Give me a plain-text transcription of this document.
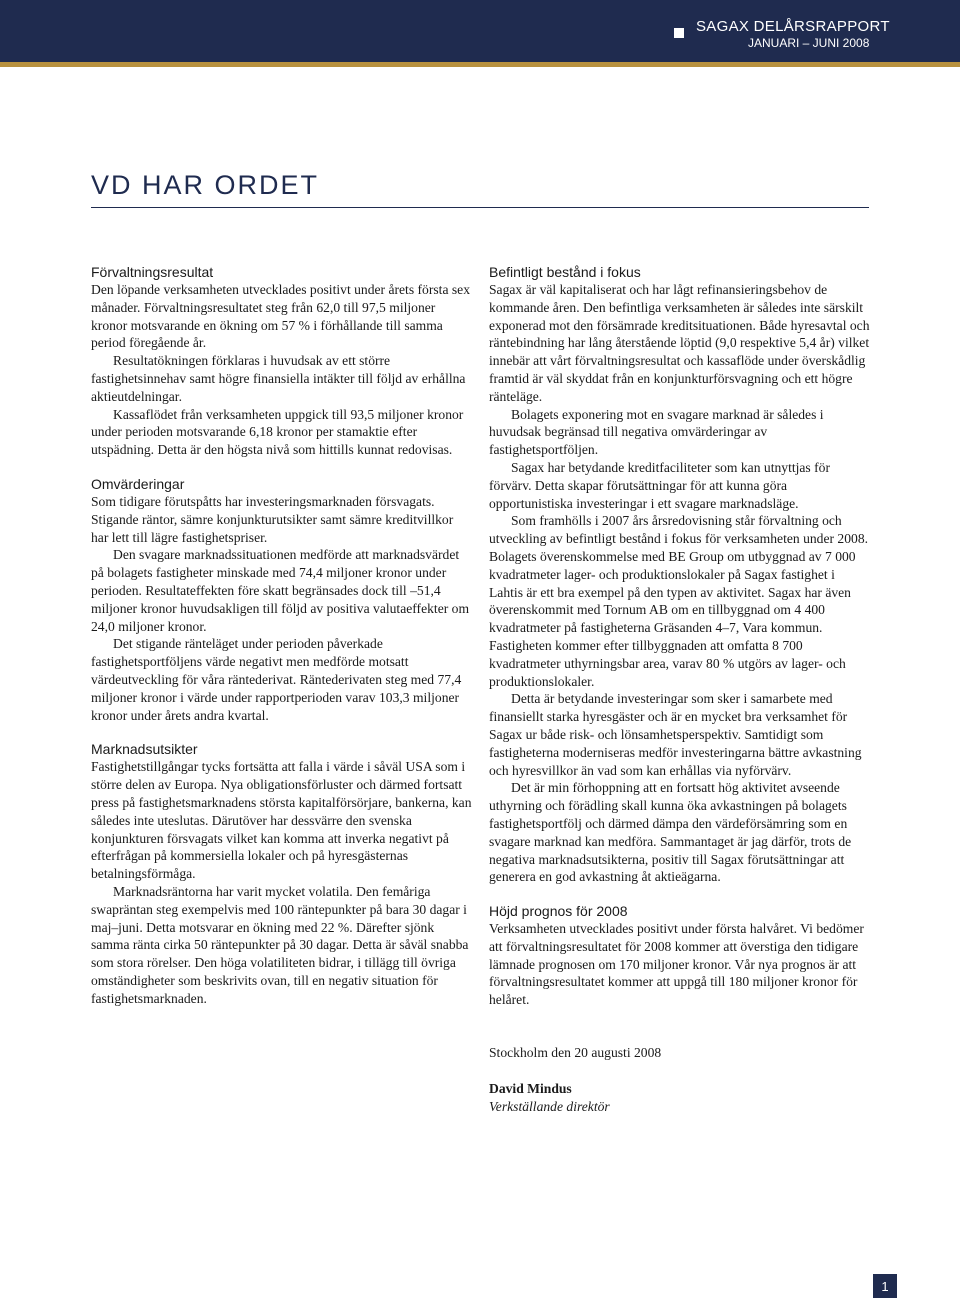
SAGAX DELÅRSRAPPORT
JANUARI – JUNI 2008
VD HAR ORDET
Förvaltningsresultat

Den löpande verksamheten utvecklades positivt under årets första sex månader. Förvaltningsresultatet steg från 62,0 till 97,5 miljoner kronor motsvarande en ökning om 57 % i förhållande till samma period föregående år.

Resultatökningen förklaras i huvudsak av ett större fastighetsinnehav samt högre finansiella intäkter till följd av erhållna aktieutdelningar.

Kassaflödet från verksamheten uppgick till 93,5 miljoner kronor under perioden motsvarande 6,18 kronor per stamaktie efter utspädning. Detta är den högsta nivå som hittills kunnat redovisas.

Omvärderingar

Som tidigare förutspåtts har investeringsmarknaden försvagats. Stigande räntor, sämre konjunkturutsikter samt sämre kreditvillkor har lett till lägre fastighetspriser.

Den svagare marknadssituationen medförde att marknadsvärdet på bolagets fastigheter minskade med 74,4 miljoner kronor under perioden. Resultateffekten före skatt begränsades dock till –51,4 miljoner kronor huvudsakligen till följd av positiva valutaeffekter om 24,0 miljoner kronor.

Det stigande ränteläget under perioden påverkade fastighetsportföljens värde negativt men medförde motsatt värdeutveckling för våra räntederivat. Räntederivaten steg med 77,4 miljoner kronor i värde under rapportperioden varav 103,3 miljoner kronor under årets andra kvartal.

Marknadsutsikter

Fastighetstillgångar tycks fortsätta att falla i värde i såväl USA som i större delen av Europa. Nya obligationsförluster och därmed fortsatt press på fastighetsmarknadens största kapitalförsörjare, bankerna, kan således inte uteslutas. Därutöver har dessvärre den svenska konjunkturen försvagats vilket kan komma att inverka negativt på efterfrågan på kommersiella lokaler och på hyresgästernas betalningsförmåga.

Marknadsräntorna har varit mycket volatila. Den femåriga swapräntan steg exempelvis med 100 räntepunkter på bara 30 dagar i maj–juni. Detta motsvarar en ökning med 22 %. Därefter sjönk samma ränta cirka 50 räntepunkter på 30 dagar. Detta är såväl snabba som stora rörelser. Den höga volatiliteten bidrar, i tillägg till övriga omständigheter som beskrivits ovan, till en negativ situation för fastighetsmarknaden.

Befintligt bestånd i fokus

Sagax är väl kapitaliserat och har lågt refinansieringsbehov de kommande åren. Den befintliga verksamheten är således inte särskilt exponerad mot den försämrade kreditsituationen. Både hyresavtal och räntebindning har lång återstående löptid (9,0 respektive 5,4 år) vilket innebär att vårt förvaltningsresultat och kassaflöde under överskådlig framtid är väl skyddat från en konjunkturförsvagning och ett högre ränteläge.

Bolagets exponering mot en svagare marknad är således i huvudsak begränsad till negativa omvärderingar av fastighetsportföljen.

Sagax har betydande kreditfaciliteter som kan utnyttjas för förvärv. Detta skapar förutsättningar för att kunna göra opportunistiska investeringar i ett svagare marknadsläge.

Som framhölls i 2007 års årsredovisning står förvaltning och utveckling av befintligt bestånd i fokus för verksamheten under 2008. Bolagets överenskommelse med BE Group om utbyggnad av 7 000 kvadratmeter lager- och produktionslokaler på Sagax fastighet i Lahtis är ett bra exempel på den typen av aktivitet. Sagax har även överenskommit med Tornum AB om en tillbyggnad om 4 400 kvadratmeter på fastigheterna Gräsanden 4–7, Vara kommun. Fastigheten kommer efter tillbyggnaden att omfatta 8 700 kvadratmeter uthyrningsbar area, varav 80 % utgörs av lager- och produktionslokaler.

Detta är betydande investeringar som sker i samarbete med finansiellt starka hyresgäster och är en mycket bra verksamhet för Sagax ur både risk- och lönsamhetsperspektiv. Samtidigt som fastigheterna moderniseras medför investeringarna bättre avkastning och hyresvillkor än vad som kan erhållas via nyförvärv.

Det är min förhoppning att en fortsatt hög aktivitet avseende uthyrning och förädling skall kunna öka avkastningen på bolagets fastighetsportfölj och därmed dämpa den värdeförsämring som en svagare marknad kan medföra. Sammantaget är jag därför, trots de negativa marknadsutsikterna, positiv till Sagax förutsättningar att generera en god avkastning åt aktieägarna.

Höjd prognos för 2008

Verksamheten utvecklades positivt under första halvåret. Vi bedömer att förvaltningsresultatet för 2008 kommer att överstiga den tidigare lämnade prognosen om 170 miljoner kronor. Vår nya prognos är att förvaltningsresultatet kommer att uppgå till 180 miljoner kronor för helåret.

Stockholm den 20 augusti 2008

David Mindus

Verkställande direktör

1
